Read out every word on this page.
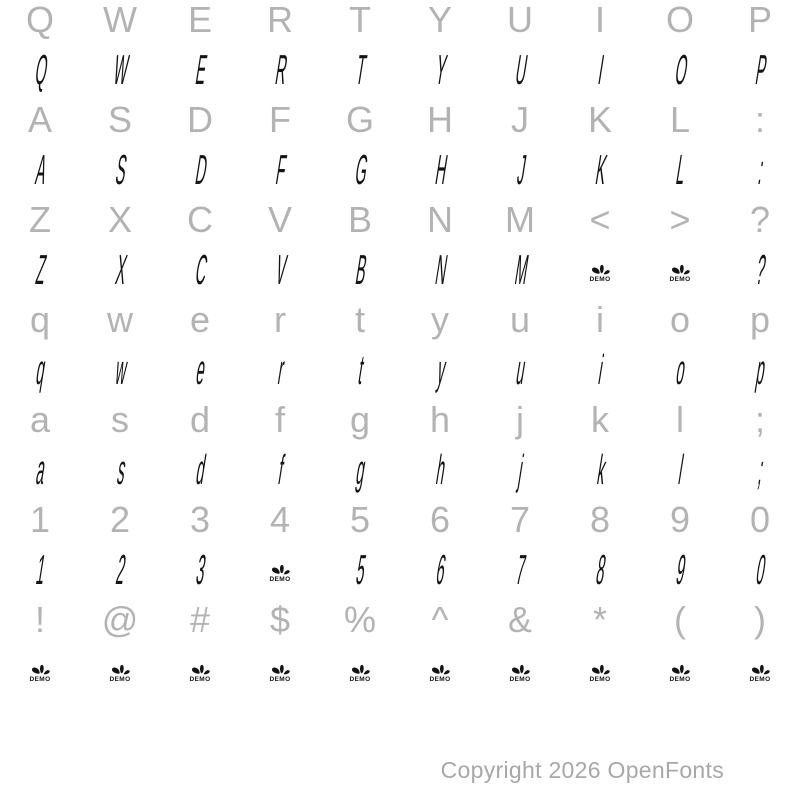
Q	W	E	R	T	Y	U	I	O	P
Q W E R T Y U I O P
A	S	D	F	G	H	J	K	L	:
A S D F G H J K L :
Z	X	C	V	B	N	M	<	>	?
Z X C V B N M	DEMO	DEMO ?
q	w	e	r	t	y	u	i	o	p
q w e r t y u i o p
a	s	d	f	g	h	j	k	l	;
a s d f g h j k l ;
1	2	3	4	5	6	7	8	9	0
1 2 3	DEMO 5 6 7 8 9 0
!	@	#	$	%	^	&	*	(	)
DEMO	DEMO	DEMO	DEMO	DEMO	DEMO	DEMO	DEMO	DEMO	DEMO
Copyright 2026 OpenFonts
